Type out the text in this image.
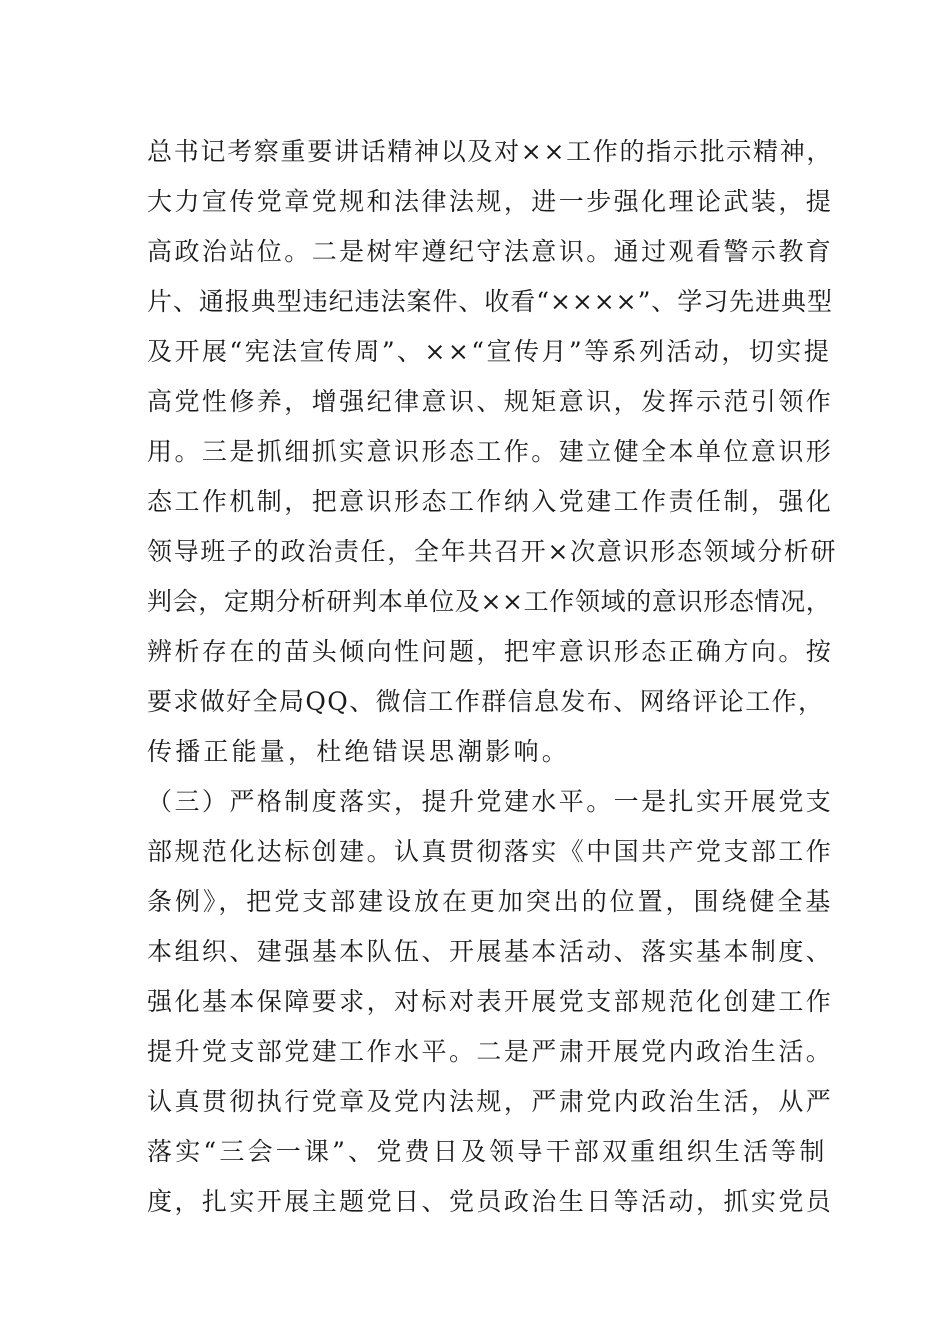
总书记考察重要讲话精神以及对××工作的指示批示精神，
大力宣传党章党规和法律法规，进一步强化理论武装，提
高政治站位。二是树牢遵纪守法意识。通过观看警示教育
片、通报典型违纪违法案件、收看“××××”、学习先进典型
及开展“宪法宣传周”、××“宣传月”等系列活动，切实提
高党性修养，增强纪律意识、规矩意识，发挥示范引领作
用。三是抓细抓实意识形态工作。建立健全本单位意识形
态工作机制，把意识形态工作纳入党建工作责任制，强化
领导班子的政治责任，全年共召开×次意识形态领域分析研
判会，定期分析研判本单位及××工作领域的意识形态情况，
辨析存在的苗头倾向性问题，把牢意识形态正确方向。按
要求做好全局QQ、微信工作群信息发布、网络评论工作，
传播正能量，杜绝错误思潮影响。
（三）严格制度落实，提升党建水平。一是扎实开展党支
部规范化达标创建。认真贯彻落实《中国共产党支部工作
条例》，把党支部建设放在更加突出的位置，围绕健全基
本组织、建强基本队伍、开展基本活动、落实基本制度、
强化基本保障要求，对标对表开展党支部规范化创建工作
提升党支部党建工作水平。二是严肃开展党内政治生活。
认真贯彻执行党章及党内法规，严肃党内政治生活，从严
落实“三会一课”、党费日及领导干部双重组织生活等制
度，扎实开展主题党日、党员政治生日等活动，抓实党员
